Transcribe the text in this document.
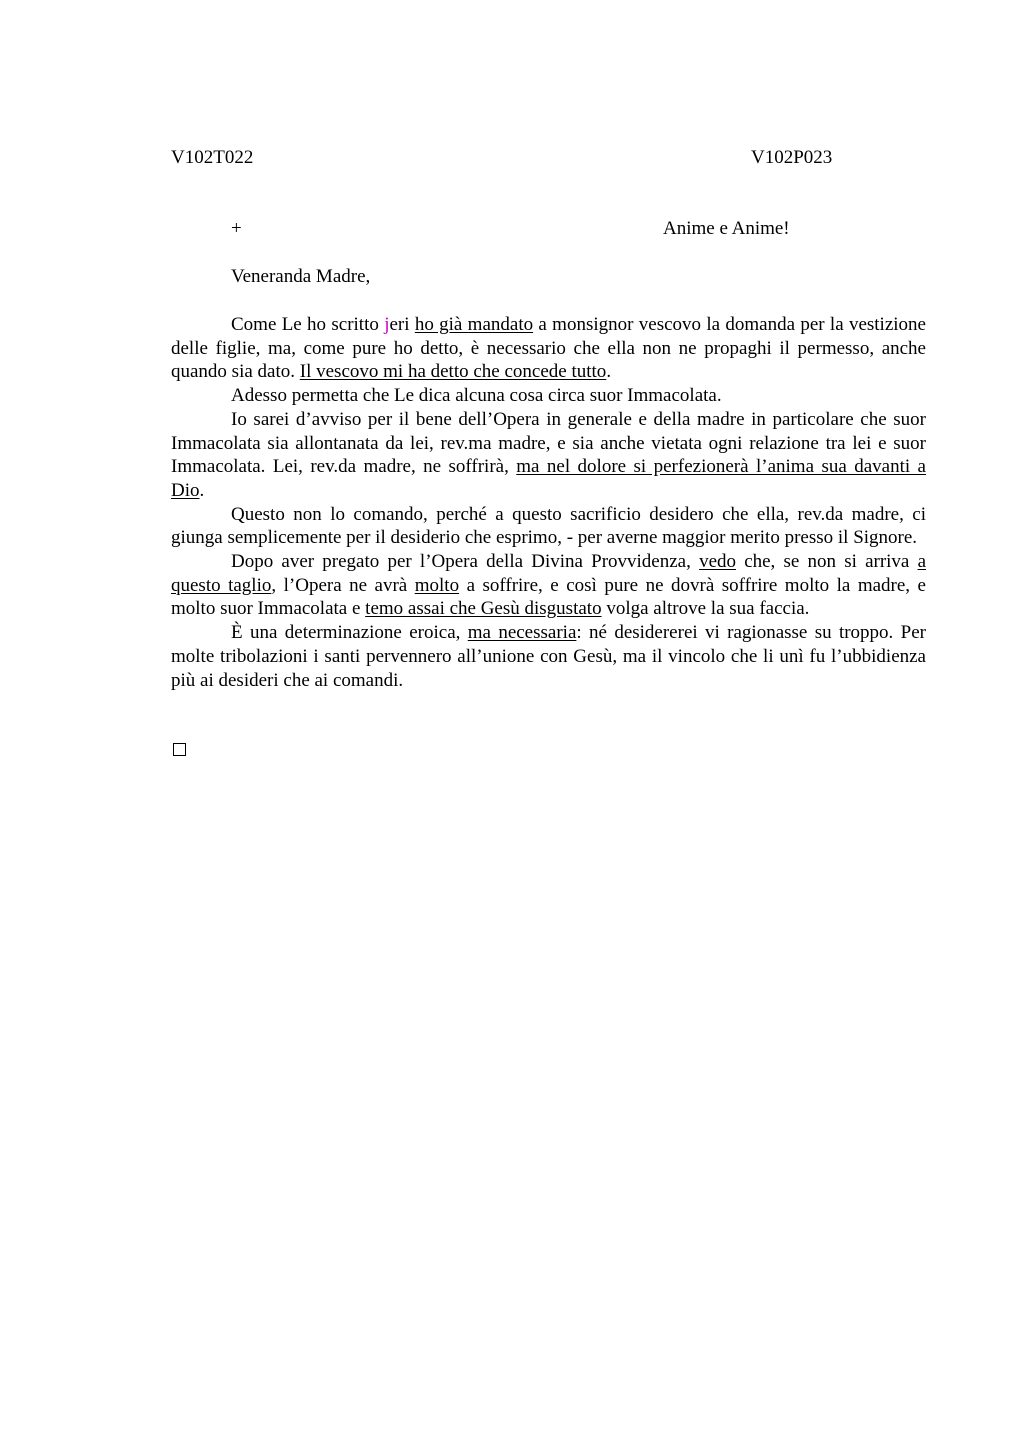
V102T022	V102P023
+	Anime e Anime!
Veneranda Madre,

Come Le ho scritto jeri ho già mandato a monsignor vescovo la domanda per la vestizione delle figlie, ma, come pure ho detto, è necessario che ella non ne propaghi il permesso, anche quando sia dato. Il vescovo mi ha detto che concede tutto.

Adesso permetta che Le dica alcuna cosa circa suor Immacolata.

Io sarei d’avviso per il bene dell’Opera in generale e della madre in particolare che suor Immacolata sia allontanata da lei, rev.ma madre, e sia anche vietata ogni relazione tra lei e suor Immacolata. Lei, rev.da madre, ne soffrirà, ma nel dolore si perfezionerà l’anima sua davanti a Dio.

Questo non lo comando, perché a questo sacrificio desidero che ella, rev.da madre, ci giunga semplicemente per il desiderio che esprimo, - per averne maggior merito presso il Signore.

Dopo aver pregato per l’Opera della Divina Provvidenza, vedo che, se non si arriva a questo taglio, l’Opera ne avrà molto a soffrire, e così pure ne dovrà soffrire molto la madre, e molto suor Immacolata e temo assai che Gesù disgustato volga altrove la sua faccia.

È una determinazione eroica, ma necessaria: né desidererei vi ragionasse su troppo. Per molte tribolazioni i santi pervennero all’unione con Gesù, ma il vincolo che li unì fu l’ubbidienza più ai desideri che ai comandi.
